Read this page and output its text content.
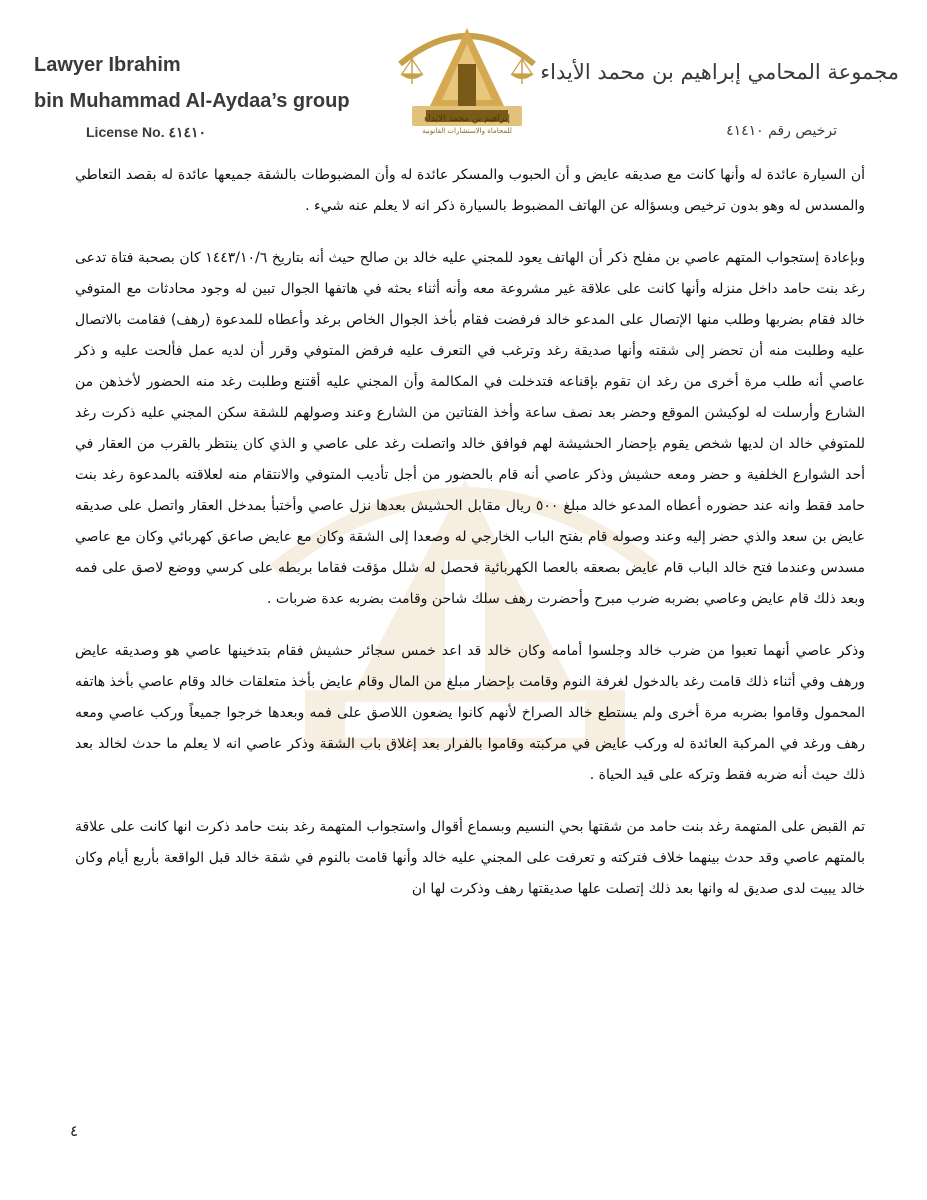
Lawyer Ibrahim

bin Muhammad Al-Aydaa’s group

License No. ٤١٤١٠

إبراهيم بن محمد الايداء

للمحاماة والاستشارات القانونية

مجموعة المحامي إبراهيم بن محمد الأيداء

ترخيص رقم ٤١٤١٠

أن السيارة عائدة له وأنها كانت مع صديقه عايض و أن الحبوب والمسكر عائدة له وأن المضبوطات بالشقة جميعها عائدة له بقصد التعاطي والمسدس له وهو بدون ترخيص وبسؤاله عن الهاتف المضبوط بالسيارة ذكر انه لا يعلم عنه شيء .

وبإعادة إستجواب المتهم عاصي بن مفلح ذكر أن الهاتف يعود للمجني عليه خالد بن صالح حيث أنه بتاريخ ١٤٤٣/١٠/٦ كان بصحبة فتاة تدعى رغد بنت حامد داخل منزله وأنها كانت على علاقة غير مشروعة معه وأنه أثناء بحثه في هاتفها الجوال تبين له وجود محادثات مع المتوفي خالد فقام بضربها وطلب منها الإتصال على المدعو خالد فرفضت فقام بأخذ الجوال الخاص برغد وأعطاه للمدعوة (رهف) فقامت بالاتصال عليه وطلبت منه أن تحضر إلى شقته وأنها صديقة رغد وترغب في التعرف عليه فرفض المتوفي وقرر أن لديه عمل فألحت عليه و ذكر عاصي أنه طلب مرة أخرى من رغد ان تقوم بإقناعه فتدخلت في المكالمة وأن المجني عليه أقتنع وطلبت رغد منه الحضور لأخذهن من الشارع وأرسلت له لوكيشن الموقع وحضر بعد نصف ساعة وأخذ الفتاتين من الشارع وعند وصولهم للشقة سكن المجني عليه ذكرت رغد للمتوفي خالد ان لديها شخص يقوم بإحضار الحشيشة لهم فوافق خالد واتصلت رغد على عاصي و الذي كان ينتظر بالقرب من العقار في أحد الشوارع الخلفية و حضر ومعه حشيش وذكر عاصي أنه قام بالحضور من أجل تأديب المتوفي والانتقام منه لعلاقته بالمدعوة رغد بنت حامد فقط وانه عند حضوره أعطاه المدعو خالد مبلغ ٥٠٠ ريال مقابل الحشيش بعدها نزل عاصي وأختبأ بمدخل العقار واتصل على صديقه عايض بن سعد والذي حضر إليه وعند وصوله قام بفتح الباب الخارجي له وصعدا إلى الشقة وكان مع عايض صاعق كهربائي وكان مع عاصي مسدس وعندما فتح خالد الباب قام عايض بصعقه بالعصا الكهربائية فحصل له شلل مؤقت فقاما بربطه على كرسي ووضع لاصق على فمه وبعد ذلك قام عايض وعاصي بضربه ضرب مبرح وأحضرت رهف سلك شاحن وقامت بضربه عدة ضربات .

وذكر عاصي أنهما تعبوا من ضرب خالد وجلسوا أمامه وكان خالد قد اعد خمس سجائر حشيش فقام بتدخينها عاصي هو وصديقه عايض ورهف وفي أثناء ذلك قامت رغد بالدخول لغرفة النوم وقامت بإحضار مبلغ من المال وقام عايض بأخذ متعلقات خالد وقام عاصي بأخذ هاتفه المحمول وقاموا بضربه مرة أخرى ولم يستطع خالد الصراخ لأنهم كانوا يضعون اللاصق على فمه وبعدها خرجوا جميعاً وركب عاصي ومعه رهف ورغد في المركبة العائدة له وركب عايض في مركبته وقاموا بالفرار بعد إغلاق باب الشقة وذكر عاصي انه لا يعلم ما حدث لخالد بعد ذلك حيث أنه ضربه فقط وتركه على قيد الحياة .

تم القبض على المتهمة رغد بنت حامد من شقتها بحي النسيم وبسماع أقوال واستجواب المتهمة رغد بنت حامد ذكرت انها كانت على علاقة بالمتهم عاصي وقد حدث بينهما خلاف فتركته و تعرفت على المجني عليه خالد وأنها قامت بالنوم في شقة خالد قبل الواقعة بأربع أيام وكان خالد يبيت لدى صديق له وانها بعد ذلك إتصلت علها صديقتها رهف وذكرت لها ان

٤
